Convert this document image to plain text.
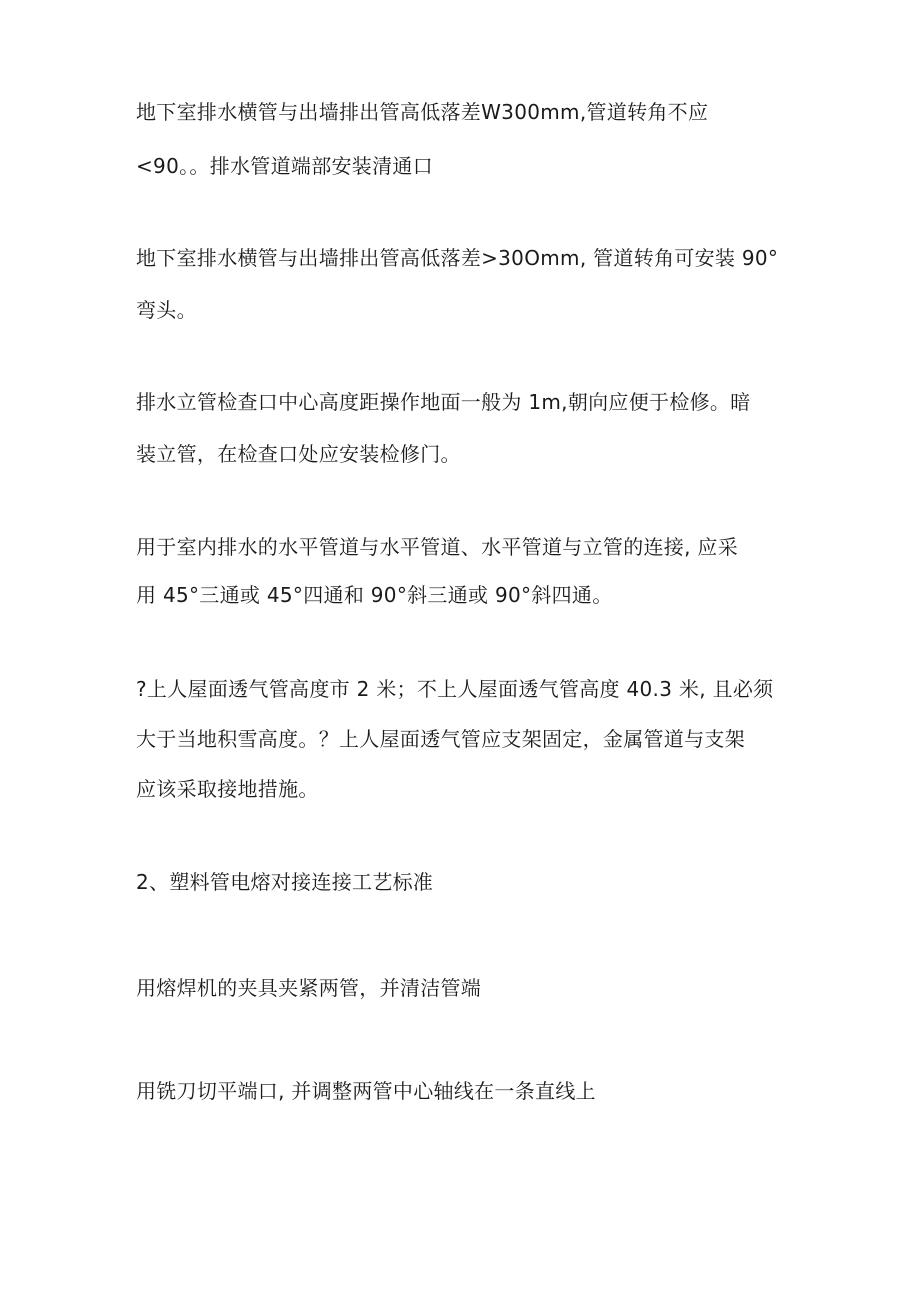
地下室排水横管与出墙排出管高低落差W300mm,管道转角不应
<90。。排水管道端部安装清通口
地下室排水横管与出墙排出管高低落差>30Omm, 管道转角可安装 90°
弯头。
排水立管检查口中心高度距操作地面一般为 1m,朝向应便于检修。暗
装立管，在检查口处应安装检修门。
用于室内排水的水平管道与水平管道、水平管道与立管的连接, 应采
用 45°三通或 45°四通和 90°斜三通或 90°斜四通。
?上人屋面透气管高度市 2 米；不上人屋面透气管高度 40.3 米, 且必须
大于当地积雪高度。？上人屋面透气管应支架固定，金属管道与支架
应该采取接地措施。
2、塑料管电熔对接连接工艺标准
用熔焊机的夹具夹紧两管，并清洁管端
用铣刀切平端口, 并调整两管中心轴线在一条直线上
